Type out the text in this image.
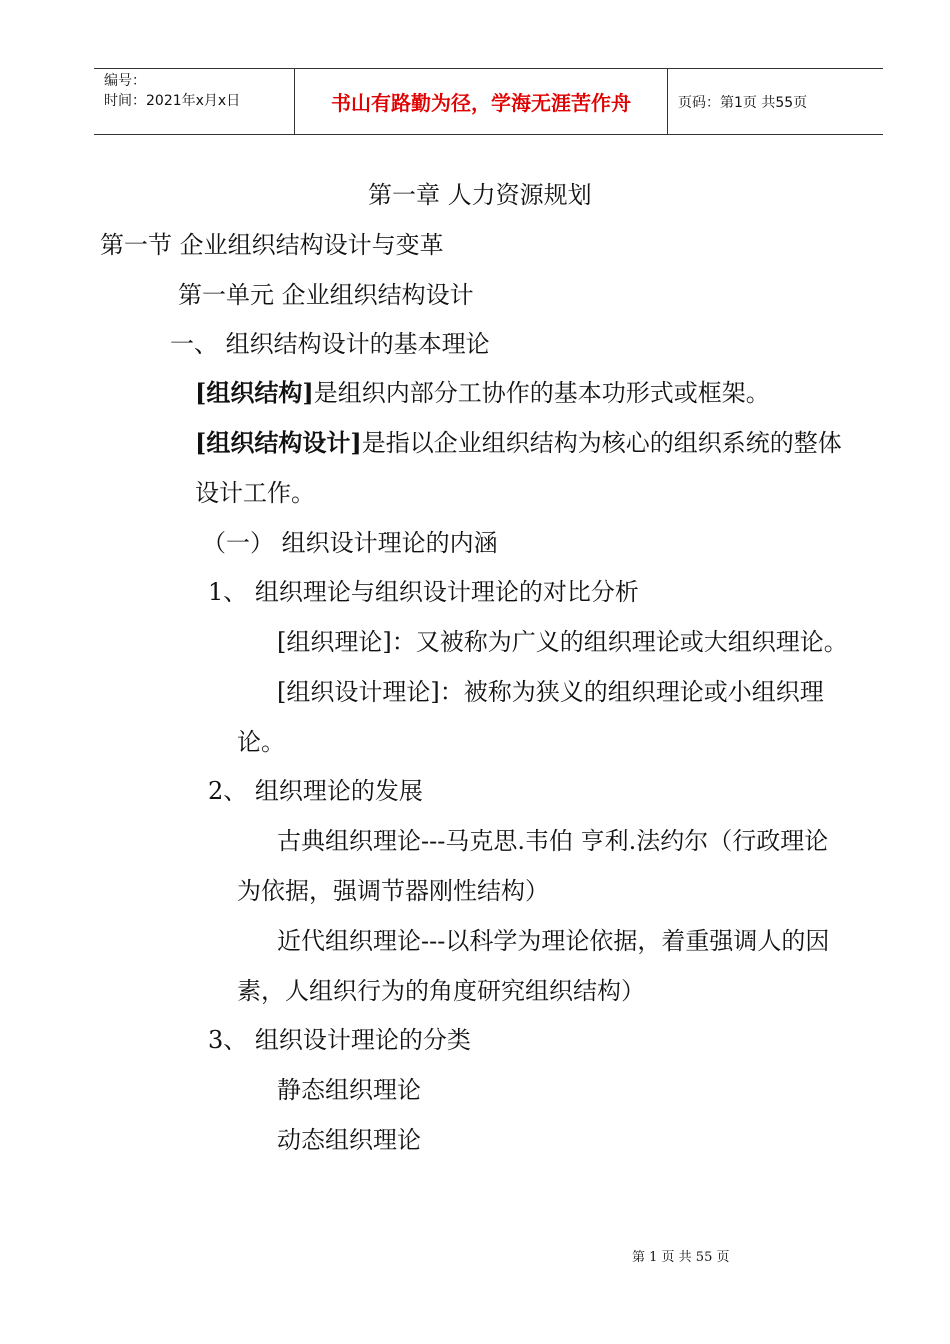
编号：
时间：2021年x月x日	书山有路勤为径，学海无涯苦作舟	页码：第1页 共55页
第一章 人力资源规划
第一节 企业组织结构设计与变革
第一单元 企业组织结构设计
一、 组织结构设计的基本理论
[组织结构]是组织内部分工协作的基本功形式或框架。
[组织结构设计]是指以企业组织结构为核心的组织系统的整体
设计工作。
（一） 组织设计理论的内涵
1、 组织理论与组织设计理论的对比分析
[组织理论]：又被称为广义的组织理论或大组织理论。
[组织设计理论]：被称为狭义的组织理论或小组织理
论。
2、 组织理论的发展
古典组织理论---马克思.韦伯 亨利.法约尔（行政理论
为依据，强调节器刚性结构）
近代组织理论---以科学为理论依据，着重强调人的因
素，人组织行为的角度研究组织结构）
3、 组织设计理论的分类
静态组织理论
动态组织理论
第 1 页 共 55 页
